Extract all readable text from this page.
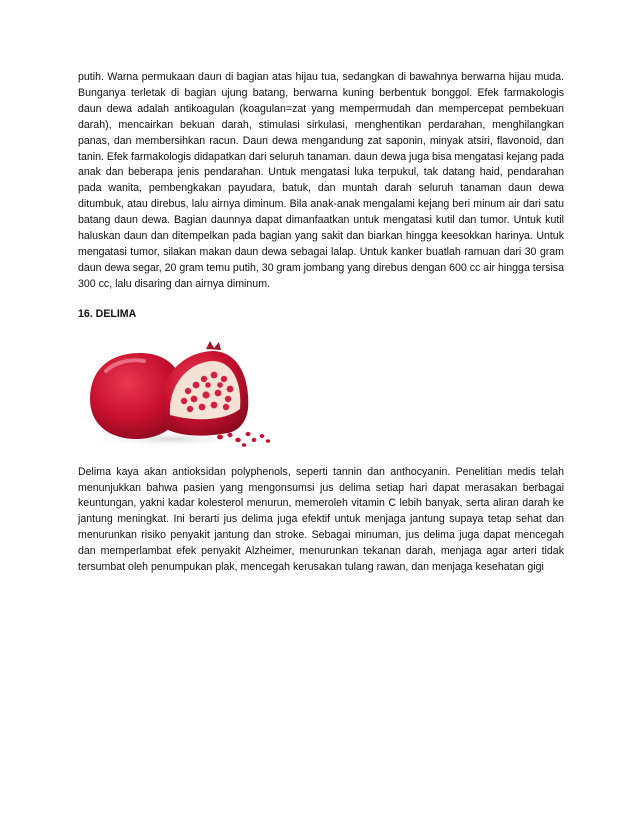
putih. Warna permukaan daun di bagian atas hijau tua, sedangkan di bawahnya berwarna hijau muda. Bunganya terletak di bagian ujung batang, berwarna kuning berbentuk bonggol. Efek farmakologis daun dewa adalah antikoagulan (koagulan=zat yang mempermudah dan mempercepat pembekuan darah), mencairkan bekuan darah, stimulasi sirkulasi, menghentikan perdarahan, menghilangkan panas, dan membersihkan racun. Daun dewa mengandung zat saponin, minyak atsiri, flavonoid, dan tanin. Efek farmakologis didapatkan dari seluruh tanaman. daun dewa juga bisa mengatasi kejang pada anak dan beberapa jenis pendarahan. Untuk mengatasi luka terpukul, tak datang haid, pendarahan pada wanita, pembengkakan payudara, batuk, dan muntah darah seluruh tanaman daun dewa ditumbuk, atau direbus, lalu airnya diminum. Bila anak-anak mengalami kejang beri minum air dari satu batang daun dewa. Bagian daunnya dapat dimanfaatkan untuk mengatasi kutil dan tumor. Untuk kutil haluskan daun dan ditempelkan pada bagian yang sakit dan biarkan hingga keesokkan harinya. Untuk mengatasi tumor, silakan makan daun dewa sebagai lalap. Untuk kanker buatlah ramuan dari 30 gram daun dewa segar, 20 gram temu putih, 30 gram jombang yang direbus dengan 600 cc air hingga tersisa 300 cc, lalu disaring dan airnya diminum.

16. DELIMA

Delima kaya akan antioksidan polyphenols, seperti tannin dan anthocyanin. Penelitian medis telah menunjukkan bahwa pasien yang mengonsumsi jus delima setiap hari dapat merasakan berbagai keuntungan, yakni kadar kolesterol menurun, memeroleh vitamin C lebih banyak, serta aliran darah ke jantung meningkat. Ini berarti jus delima juga efektif untuk menjaga jantung supaya tetap sehat dan menurunkan risiko penyakit jantung dan stroke. Sebagai minuman, jus delima juga dapat mencegah dan memperlambat efek penyakit Alzheimer, menurunkan tekanan darah, menjaga agar arteri tidak tersumbat oleh penumpukan plak, mencegah kerusakan tulang rawan, dan menjaga kesehatan gigi
